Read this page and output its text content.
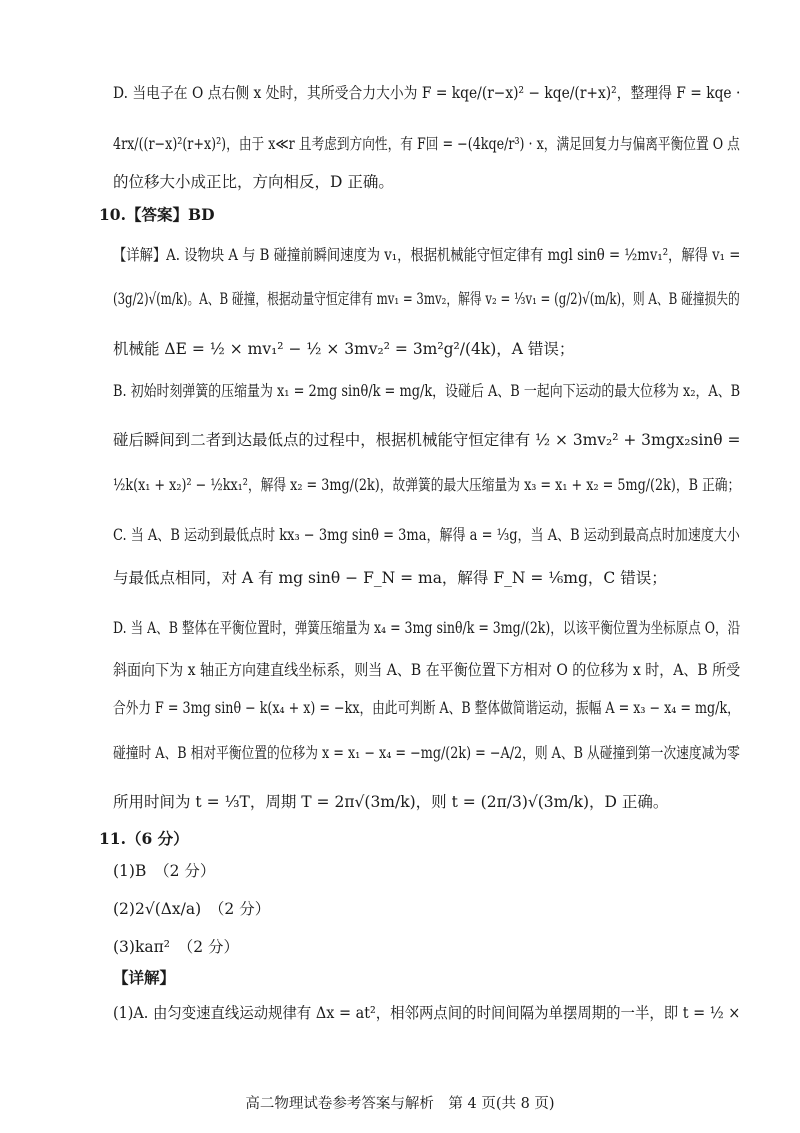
D. 当电子在 O 点右侧 x 处时，其所受合力大小为 F = kqe/(r−x)² − kqe/(r+x)²，整理得 F = kqe ·
4rx/((r−x)²(r+x)²)，由于 x≪r 且考虑到方向性，有 F回 = −(4kqe/r³) · x，满足回复力与偏离平衡位置 O 点
的位移大小成正比，方向相反，D 正确。
10.【答案】BD
【详解】A. 设物块 A 与 B 碰撞前瞬间速度为 v₁，根据机械能守恒定律有 mgl sinθ = ½mv₁²，解得 v₁ =
(3g/2)√(m/k)。A、B 碰撞，根据动量守恒定律有 mv₁ = 3mv₂，解得 v₂ = ⅓v₁ = (g/2)√(m/k)，则 A、B 碰撞损失的
机械能 ΔE = ½ × mv₁² − ½ × 3mv₂² = 3m²g²/(4k)，A 错误；
B. 初始时刻弹簧的压缩量为 x₁ = 2mg sinθ/k = mg/k，设碰后 A、B 一起向下运动的最大位移为 x₂，A、B
碰后瞬间到二者到达最低点的过程中，根据机械能守恒定律有 ½ × 3mv₂² + 3mgx₂sinθ =
½k(x₁ + x₂)² − ½kx₁²，解得 x₂ = 3mg/(2k)，故弹簧的最大压缩量为 x₃ = x₁ + x₂ = 5mg/(2k)，B 正确；
C. 当 A、B 运动到最低点时 kx₃ − 3mg sinθ = 3ma，解得 a = ⅓g，当 A、B 运动到最高点时加速度大小
与最低点相同，对 A 有 mg sinθ − F_N = ma，解得 F_N = ⅙mg，C 错误；
D. 当 A、B 整体在平衡位置时，弹簧压缩量为 x₄ = 3mg sinθ/k = 3mg/(2k)，以该平衡位置为坐标原点 O，沿
斜面向下为 x 轴正方向建直线坐标系，则当 A、B 在平衡位置下方相对 O 的位移为 x 时，A、B 所受
合外力 F = 3mg sinθ − k(x₄ + x) = −kx，由此可判断 A、B 整体做简谐运动，振幅 A = x₃ − x₄ = mg/k，
碰撞时 A、B 相对平衡位置的位移为 x = x₁ − x₄ = −mg/(2k) = −A/2，则 A、B 从碰撞到第一次速度减为零
所用时间为 t = ⅓T，周期 T = 2π√(3m/k)，则 t = (2π/3)√(3m/k)，D 正确。
11.（6 分）
(1)B　（2 分）
(2)2√(Δx/a)　（2 分）
(3)kaπ²　（2 分）
【详解】
(1)A. 由匀变速直线运动规律有 Δx = at²，相邻两点间的时间间隔为单摆周期的一半，即 t = ½ ×
高二物理试卷参考答案与解析　第 4 页(共 8 页)
